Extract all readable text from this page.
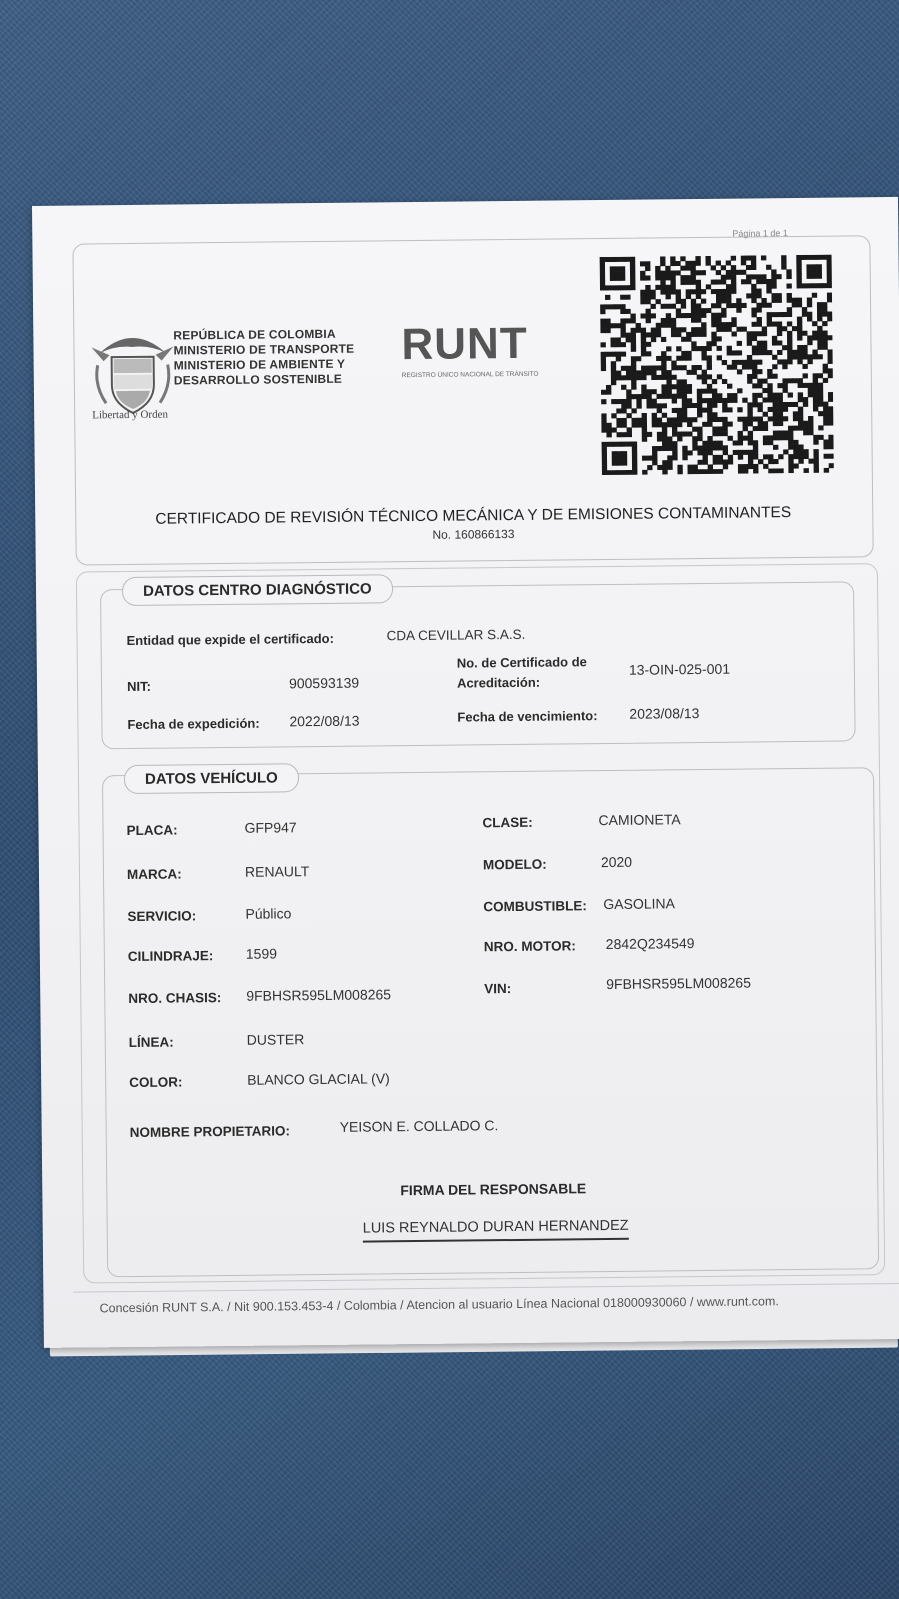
Página 1 de 1
Libertad y Orden
REPÚBLICA DE COLOMBIA
MINISTERIO DE TRANSPORTE
MINISTERIO DE AMBIENTE Y
DESARROLLO SOSTENIBLE
RUNT
REGISTRO ÚNICO NACIONAL DE TRÁNSITO
CERTIFICADO DE REVISIÓN TÉCNICO MECÁNICA Y DE EMISIONES CONTAMINANTES
No. 160866133
DATOS CENTRO DIAGNÓSTICO
Entidad que expide el certificado:	CDA CEVILLAR S.A.S.
NIT:	900593139
No. de Certificado de
Acreditación:
13-OIN-025-001
Fecha de expedición: 2022/08/13	Fecha de vencimiento: 2023/08/13
DATOS VEHÍCULO
PLACA:	GFP947	CLASE:	CAMIONETA
MARCA:	RENAULT	MODELO:	2020
SERVICIO:	Público	COMBUSTIBLE: GASOLINA
CILINDRAJE: 1599	NRO. MOTOR: 2842Q234549
NRO. CHASIS: 9FBHSR595LM008265	VIN:	9FBHSR595LM008265
LÍNEA:	DUSTER
COLOR:	BLANCO GLACIAL (V)
NOMBRE PROPIETARIO:	YEISON E. COLLADO C.
FIRMA DEL RESPONSABLE
LUIS REYNALDO DURAN HERNANDEZ
Concesión RUNT S.A. / Nit 900.153.453-4 / Colombia / Atencion al usuario Línea Nacional 018000930060 / www.runt.com.
